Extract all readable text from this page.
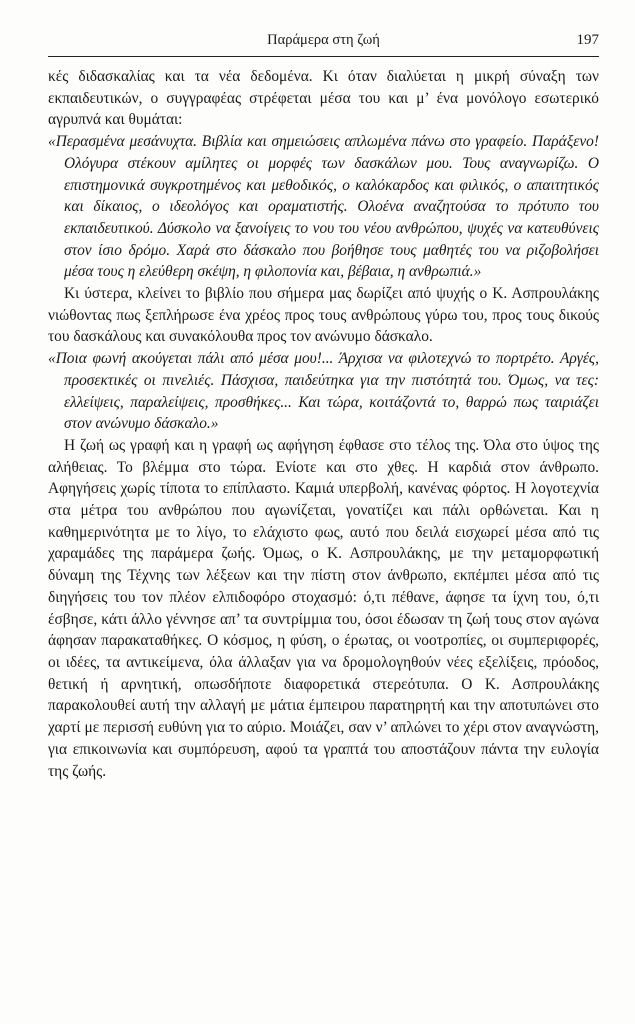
Παράμερα στη ζωή	197

κές διδασκαλίας και τα νέα δεδομένα. Κι όταν διαλύεται η μικρή σύναξη των εκπαιδευτικών, ο συγγραφέας στρέφεται μέσα του και μ’ ένα μονόλογο εσωτερικό αγρυπνά και θυμάται:

«Περασμένα μεσάνυχτα. Βιβλία και σημειώσεις απλωμένα πάνω στο γραφείο. Παράξενο! Ολόγυρα στέκουν αμίλητες οι μορφές των δασκάλων μου. Τους αναγνωρίζω. Ο επιστημονικά συγκροτημένος και μεθοδικός, ο καλόκαρδος και φιλικός, ο απαιτητικός και δίκαιος, ο ιδεολόγος και οραματιστής. Ολοένα αναζητούσα το πρότυπο του εκπαιδευτικού. Δύσκολο να ξανοίγεις το νου του νέου ανθρώπου, ψυχές να κατευθύνεις στον ίσιο δρόμο. Χαρά στο δάσκαλο που βοήθησε τους μαθητές του να ριζοβολήσει μέσα τους η ελεύθερη σκέψη, η φιλοπονία και, βέβαια, η ανθρωπιά.»

Κι ύστερα, κλείνει το βιβλίο που σήμερα μας δωρίζει από ψυχής ο Κ. Ασπρουλάκης νιώθοντας πως ξεπλήρωσε ένα χρέος προς τους ανθρώπους γύρω του, προς τους δικούς του δασκάλους και συνακόλουθα προς τον ανώνυμο δάσκαλο.

«Ποια φωνή ακούγεται πάλι από μέσα μου!... Άρχισα να φιλοτεχνώ το πορτρέτο. Αργές, προσεκτικές οι πινελιές. Πάσχισα, παιδεύτηκα για την πιστότητά του. Όμως, να τες: ελλείψεις, παραλείψεις, προσθήκες... Και τώρα, κοιτάζοντά το, θαρρώ πως ταιριάζει στον ανώνυμο δάσκαλο.»

Η ζωή ως γραφή και η γραφή ως αφήγηση έφθασε στο τέλος της. Όλα στο ύψος της αλήθειας. Το βλέμμα στο τώρα. Ενίοτε και στο χθες. Η καρδιά στον άνθρωπο. Αφηγήσεις χωρίς τίποτα το επίπλαστο. Καμιά υπερβολή, κανένας φόρτος. Η λογοτεχνία στα μέτρα του ανθρώπου που αγωνίζεται, γονατίζει και πάλι ορθώνεται. Και η καθημερινότητα με το λίγο, το ελάχιστο φως, αυτό που δειλά εισχωρεί μέσα από τις χαραμάδες της παράμερα ζωής. Όμως, ο Κ. Ασπρουλάκης, με την μεταμορφωτική δύναμη της Τέχνης των λέξεων και την πίστη στον άνθρωπο, εκπέμπει μέσα από τις διηγήσεις του τον πλέον ελπιδοφόρο στοχασμό: ό,τι πέθανε, άφησε τα ίχνη του, ό,τι έσβησε, κάτι άλλο γέννησε απ’ τα συντρίμμια του, όσοι έδωσαν τη ζωή τους στον αγώνα άφησαν παρακαταθήκες. Ο κόσμος, η φύση, ο έρωτας, οι νοοτροπίες, οι συμπεριφορές, οι ιδέες, τα αντικείμενα, όλα άλλαξαν για να δρομολογηθούν νέες εξελίξεις, πρόοδος, θετική ή αρνητική, οπωσδήποτε διαφορετικά στερεότυπα. Ο Κ. Ασπρουλάκης παρακολουθεί αυτή την αλλαγή με μάτια έμπειρου παρατηρητή και την αποτυπώνει στο χαρτί με περισσή ευθύνη για το αύριο. Μοιάζει, σαν ν’ απλώνει το χέρι στον αναγνώστη, για επικοινωνία και συμπόρευση, αφού τα γραπτά του αποστάζουν πάντα την ευλογία της ζωής.
